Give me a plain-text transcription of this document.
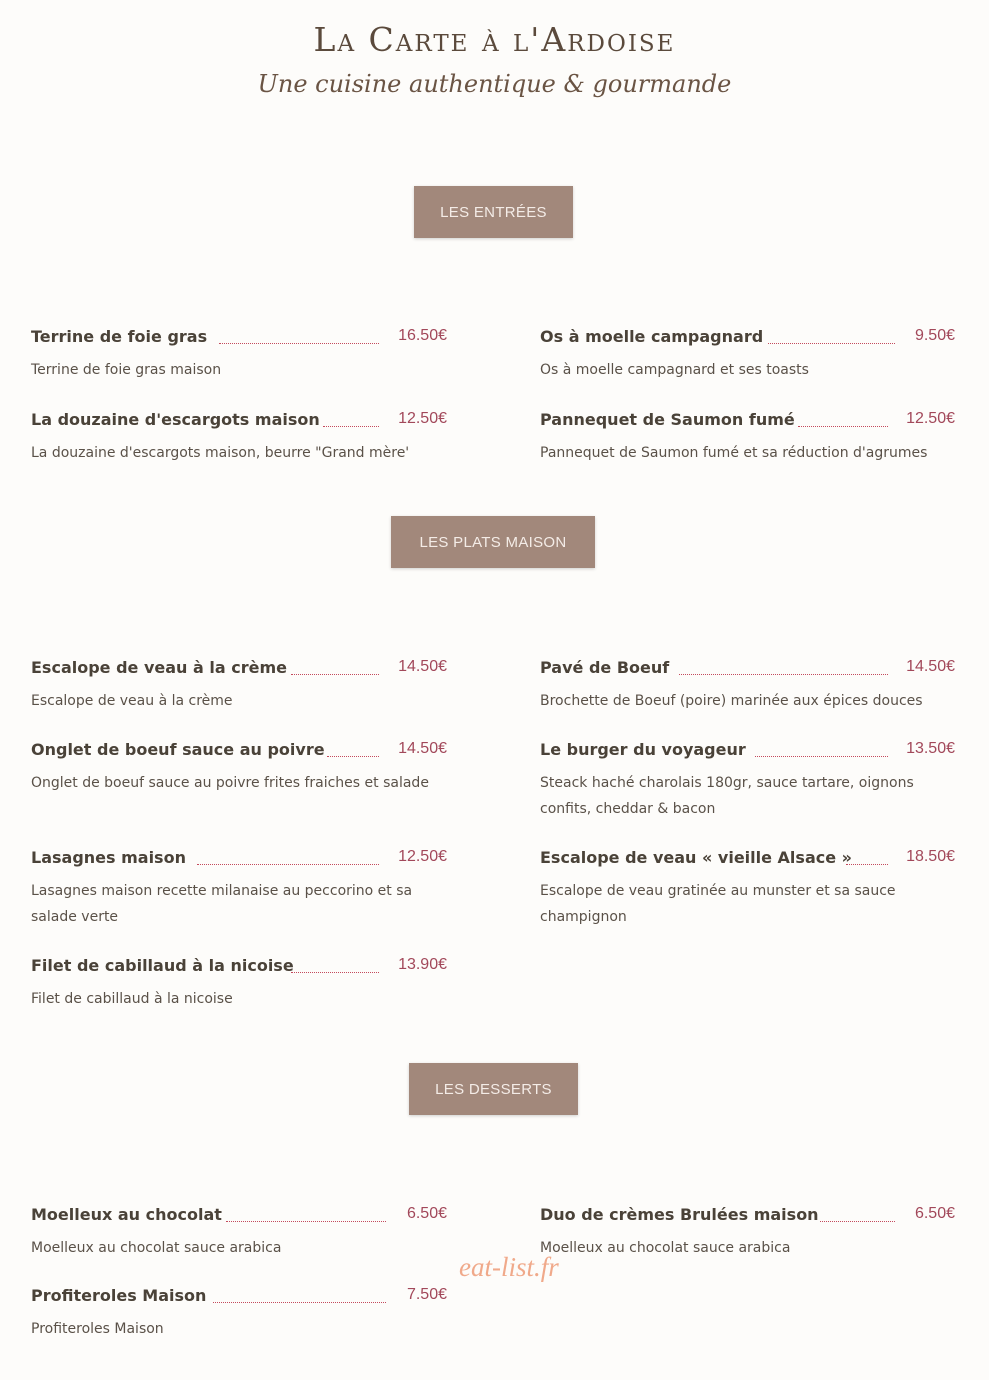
La Carte à l'Ardoise
Une cuisine authentique & gourmande
LES ENTRÉES
Terrine de foie gras	16.50€
Terrine de foie gras maison
Os à moelle campagnard	9.50€
Os à moelle campagnard et ses toasts
La douzaine d'escargots maison	12.50€
La douzaine d'escargots maison, beurre "Grand mère'
Pannequet de Saumon fumé	12.50€
Pannequet de Saumon fumé et sa réduction d'agrumes
LES PLATS MAISON
Escalope de veau à la crème	14.50€
Escalope de veau à la crème
Pavé de Boeuf	14.50€
Brochette de Boeuf (poire) marinée aux épices douces
Onglet de boeuf sauce au poivre	14.50€
Onglet de boeuf sauce au poivre frites fraiches et salade
Le burger du voyageur	13.50€
Steack haché charolais 180gr, sauce tartare, oignons
confits, cheddar & bacon
Lasagnes maison	12.50€
Lasagnes maison recette milanaise au peccorino et sa
salade verte
Escalope de veau « vieille Alsace »	18.50€
Escalope de veau gratinée au munster et sa sauce
champignon
Filet de cabillaud à la nicoise	13.90€
Filet de cabillaud à la nicoise
LES DESSERTS
Moelleux au chocolat	6.50€
Moelleux au chocolat sauce arabica
Duo de crèmes Brulées maison	6.50€
Moelleux au chocolat sauce arabica
Profiteroles Maison	7.50€
Profiteroles Maison
eat-list.fr
